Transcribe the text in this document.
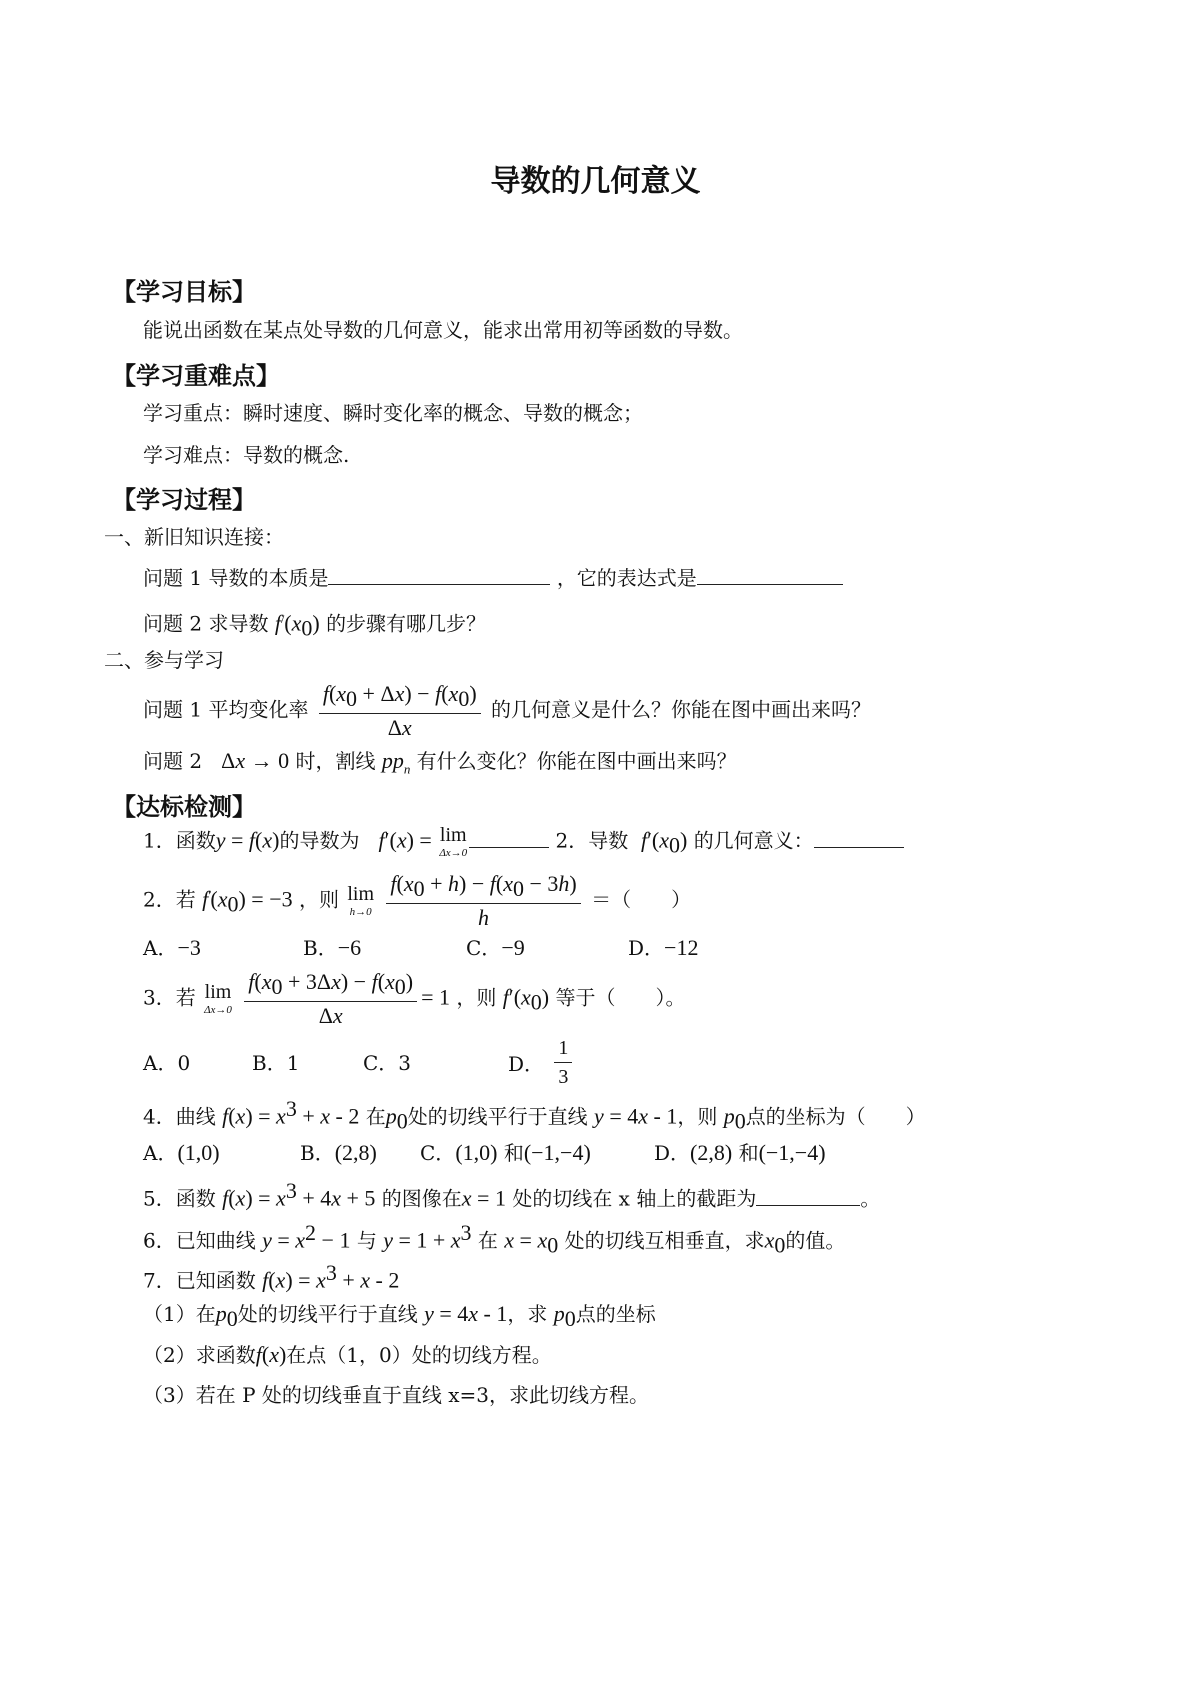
导数的几何意义
【学习目标】
能说出函数在某点处导数的几何意义，能求出常用初等函数的导数。
【学习重难点】
学习重点：瞬时速度、瞬时变化率的概念、导数的概念；
学习难点：导数的概念.
【学习过程】
一、新旧知识连接：
问题 1 导数的本质是	，它的表达式是
问题 2 求导数 $f^/(x_0)$ 的步骤有哪几步？
二、参与学习
问题 1 平均变化率 $\frac{f(x_0 + \Delta x) - f(x_0)}{\Delta x}$ 的几何意义是什么？你能在图中画出来吗？
问题 2 Δx → 0 时，割线 $pp_n$ 有什么变化？你能在图中画出来吗？
【达标检测】
1．函数y = f(x)的导数为 f′(x) = lim
Δx→0
2．导数 $f'(x_0)$ 的几何意义：
2．若 $f'(x_0) = -3$ ，则 lim
h→0
$\frac{f(x_0 + h) - f(x_0 - 3h)}{h}$ ＝（　　）
A．−3	B．−6	C．−9	D．−12
3．若 lim
Δx→0
$\frac{f(x_0 + 3\Delta x) - f(x_0)}{\Delta x} = 1$ ，则 $f'(x_0)$ 等于（　　）。
A．0	B．1	C．3	D． $\frac{1}{3}$
4．曲线 $f(x) = x^3 + x - 2$ 在$p_0$处的切线平行于直线 y = 4x - 1，则 $p_0$点的坐标为（　　）
A．(1,0)	B．(2,8) C．(1,0) 和(−1,−4)	D．(2,8) 和(−1,−4)
5．函数 $f(x) = x^3 + 4x + 5$ 的图像在x = 1 处的切线在 x 轴上的截距为	。
6．已知曲线 $y = x^2 - 1$ 与 $y = 1 + x^3$ 在 $x = x_0$ 处的切线互相垂直，求$x_0$的值。
7．已知函数 $f(x) = x^3 + x - 2$
（1）在$p_0$处的切线平行于直线 y = 4x - 1，求 $p_0$点的坐标
（2）求函数f(x)在点（1，0）处的切线方程。
（3）若在 P 处的切线垂直于直线 x=3，求此切线方程。
